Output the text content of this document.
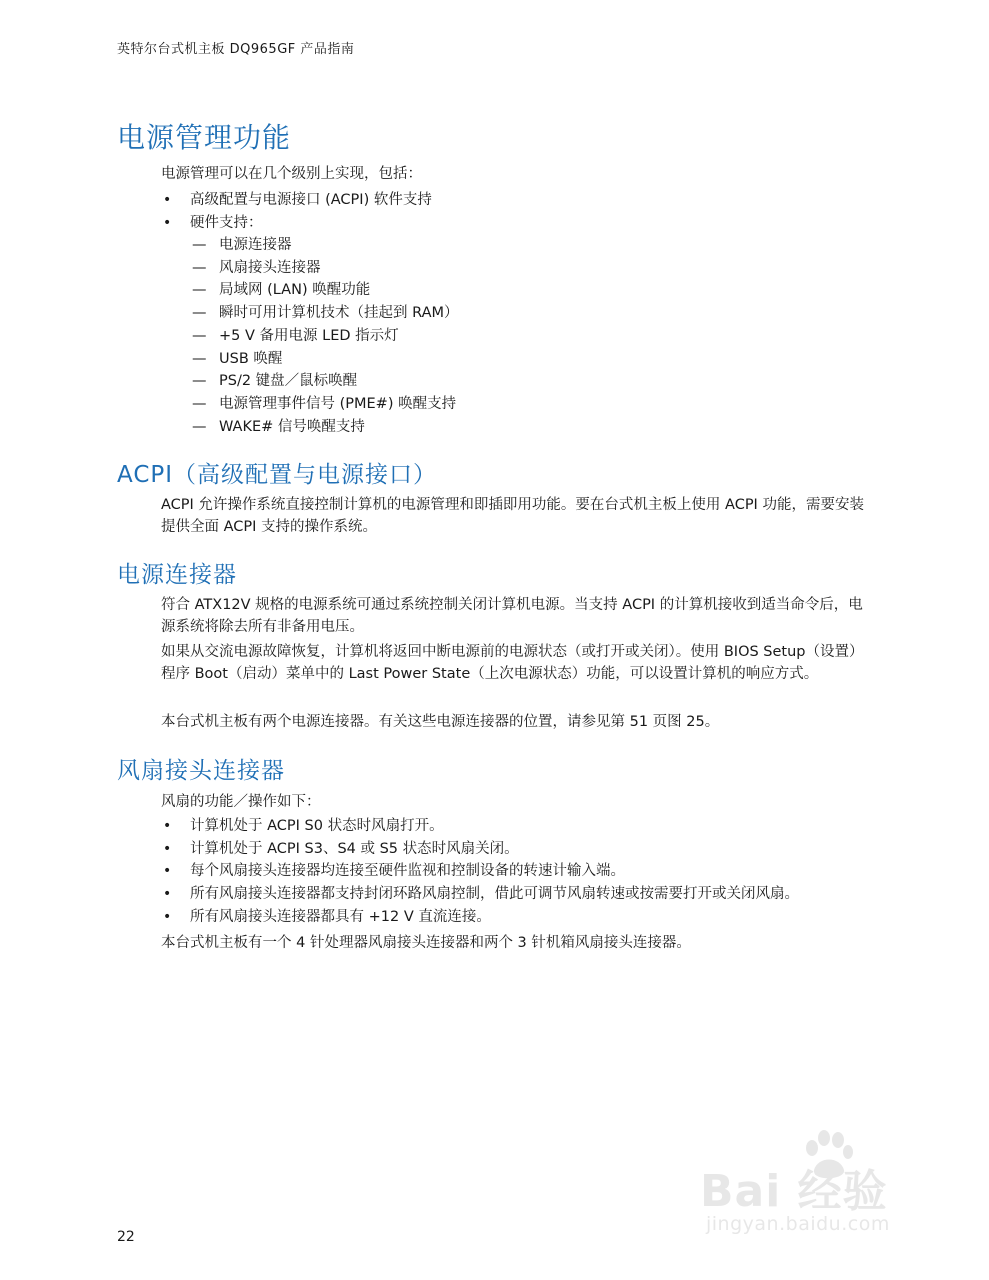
英特尔台式机主板 DQ965GF 产品指南
电源管理功能

电源管理可以在几个级别上实现，包括：

• 高级配置与电源接口 (ACPI) 软件支持
• 硬件支持：
— 电源连接器
— 风扇接头连接器
— 局域网 (LAN) 唤醒功能
— 瞬时可用计算机技术（挂起到 RAM）
— +5 V 备用电源 LED 指示灯
— USB 唤醒
— PS/2 键盘／鼠标唤醒
— 电源管理事件信号 (PME#) 唤醒支持
— WAKE# 信号唤醒支持
ACPI（高级配置与电源接口）

ACPI 允许操作系统直接控制计算机的电源管理和即插即用功能。要在台式机主板上使用 ACPI 功能，需要安装提供全面 ACPI 支持的操作系统。

电源连接器

符合 ATX12V 规格的电源系统可通过系统控制关闭计算机电源。当支持 ACPI 的计算机接收到适当命令后，电源系统将除去所有非备用电压。

如果从交流电源故障恢复，计算机将返回中断电源前的电源状态（或打开或关闭）。使用 BIOS Setup（设置）程序 Boot（启动）菜单中的 Last Power State（上次电源状态）功能，可以设置计算机的响应方式。

本台式机主板有两个电源连接器。有关这些电源连接器的位置，请参见第 51 页图 25。

风扇接头连接器

风扇的功能／操作如下：

• 计算机处于 ACPI S0 状态时风扇打开。
• 计算机处于 ACPI S3、S4 或 S5 状态时风扇关闭。
• 每个风扇接头连接器均连接至硬件监视和控制设备的转速计输入端。
• 所有风扇接头连接器都支持封闭环路风扇控制，借此可调节风扇转速或按需要打开或关闭风扇。
• 所有风扇接头连接器都具有 +12 V 直流连接。

本台式机主板有一个 4 针处理器风扇接头连接器和两个 3 针机箱风扇接头连接器。

22
Bai 经验
jingyan.baidu.com
